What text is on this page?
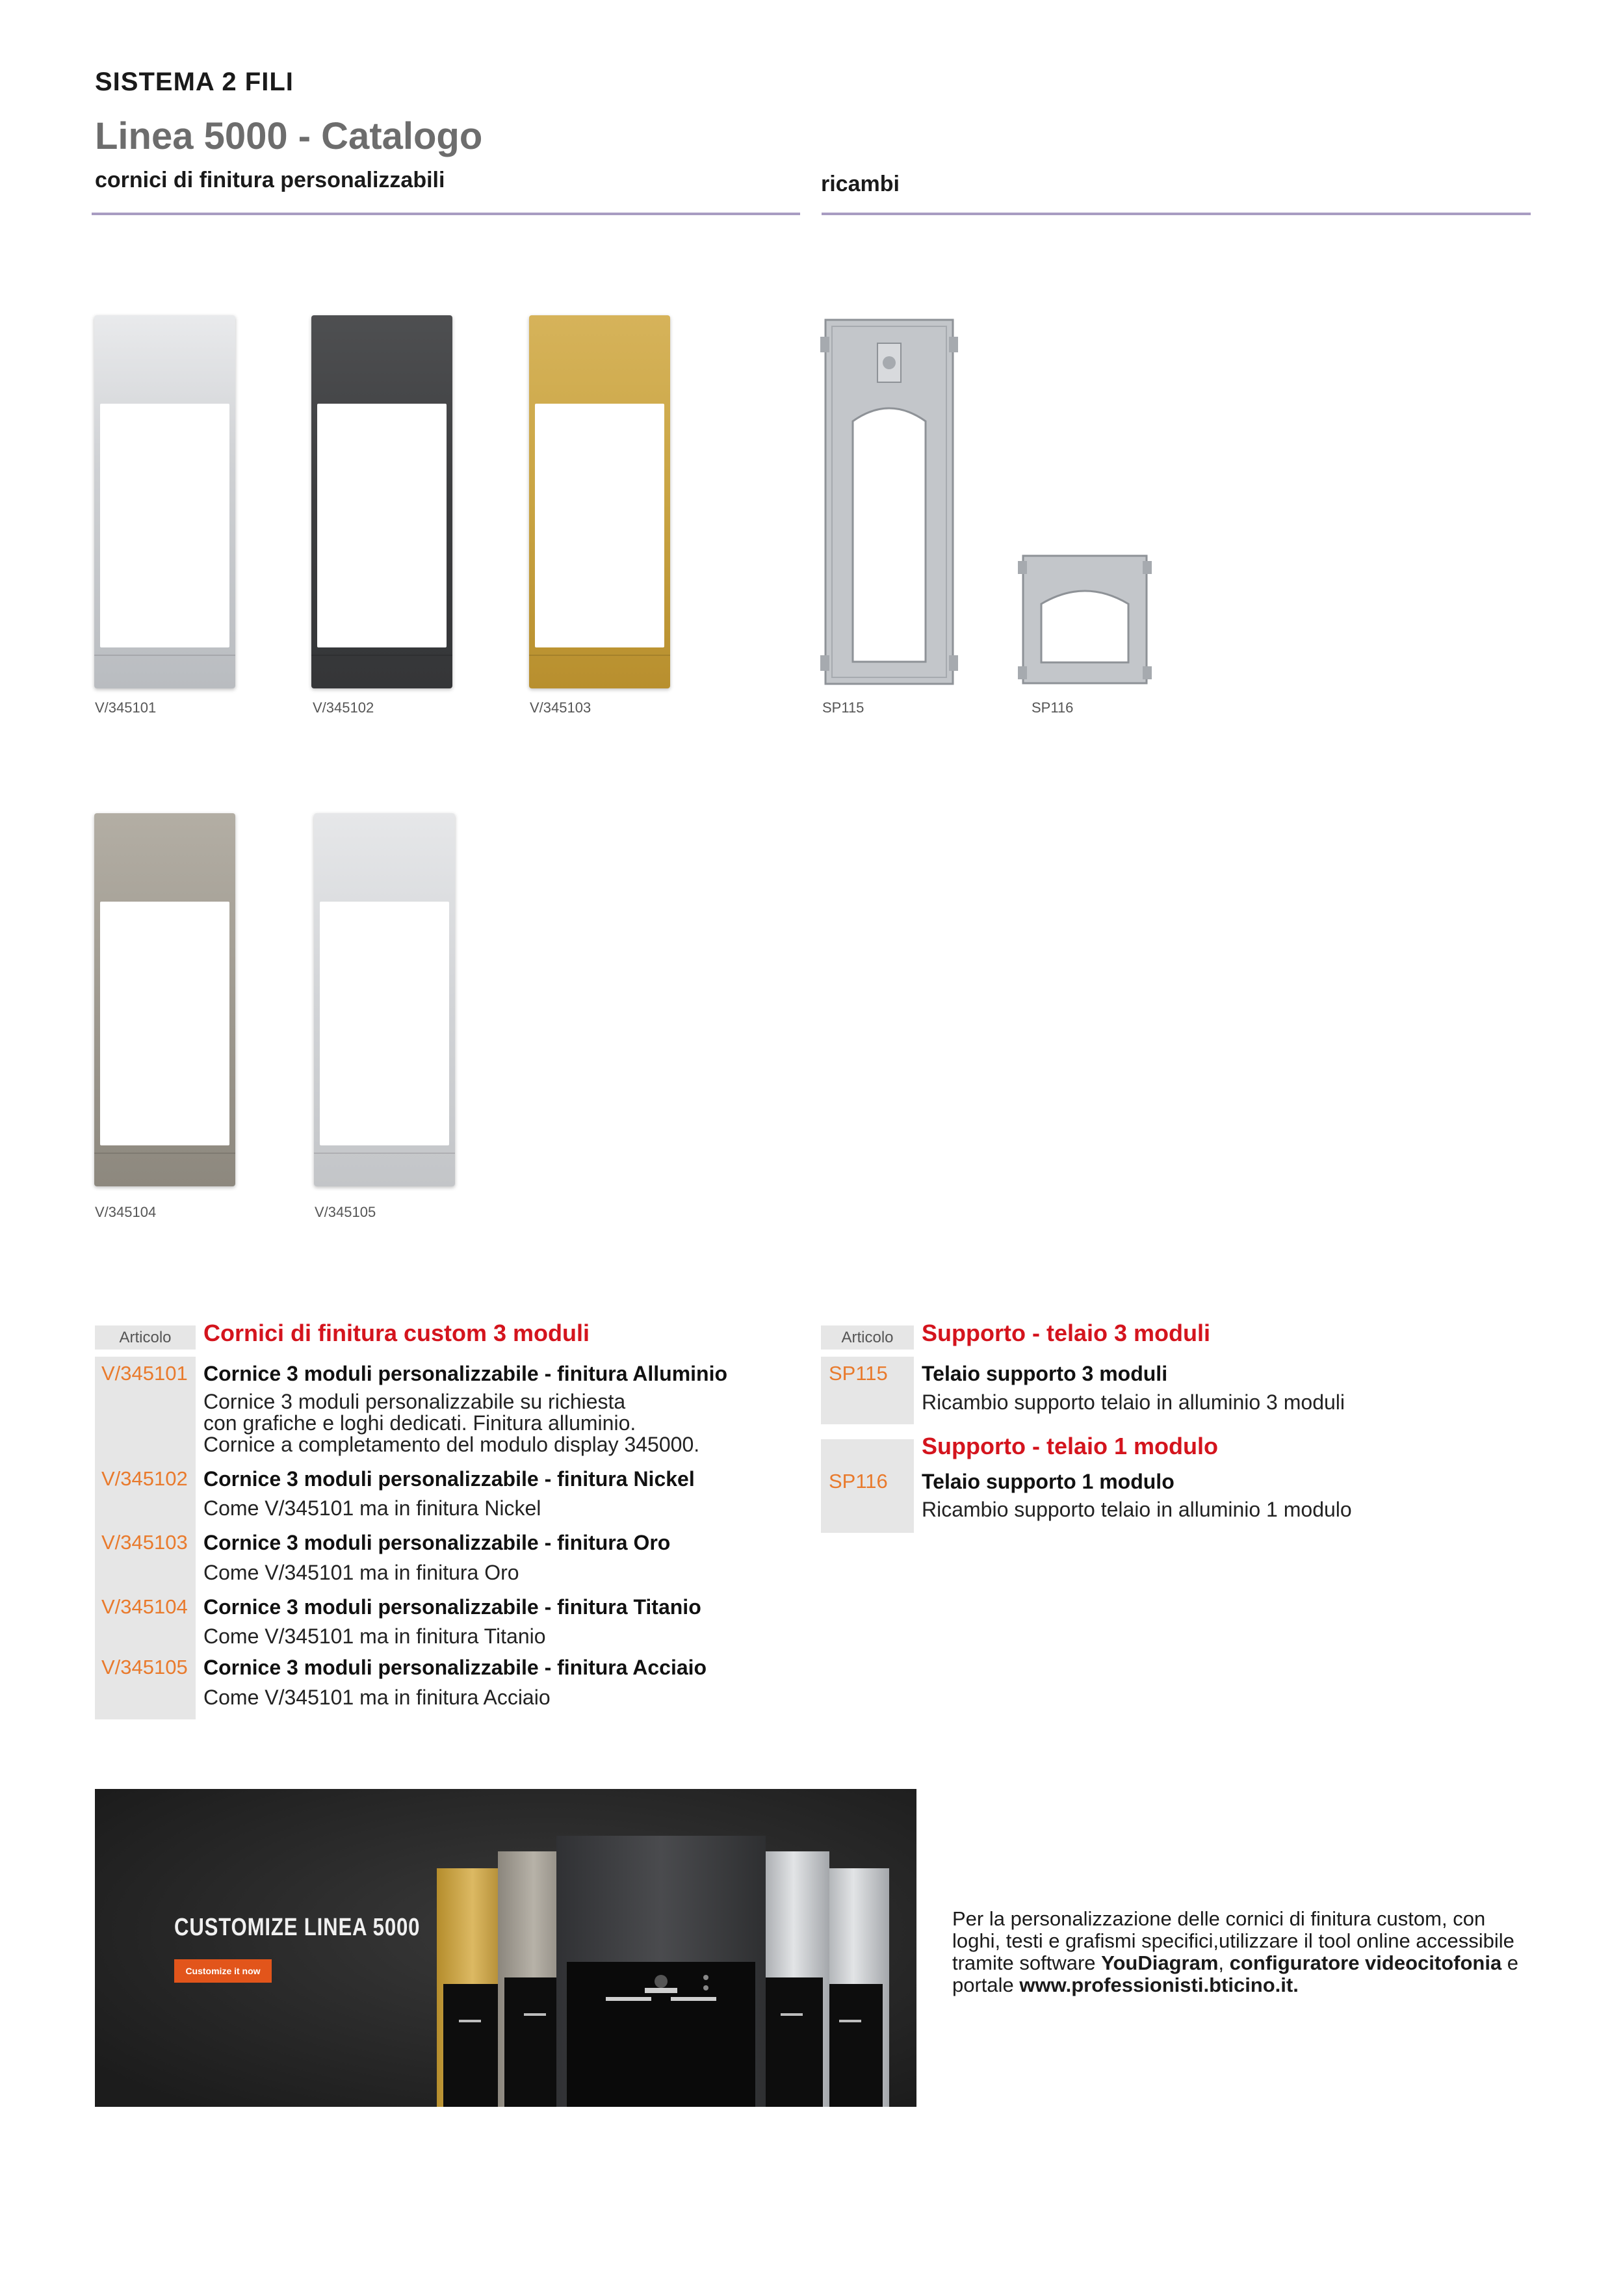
SISTEMA 2 FILI
Linea 5000 - Catalogo
cornici di finitura personalizzabili	ricambi
V/345101	V/345102	V/345103	SP115	SP116
V/345104	V/345105
Articolo	Cornici di finitura custom 3 moduli
V/345101 Cornice 3 moduli personalizzabile - finitura Alluminio
Cornice 3 moduli personalizzabile su richiesta
con grafiche e loghi dedicati. Finitura alluminio.
Cornice a completamento del modulo display 345000.
V/345102 Cornice 3 moduli personalizzabile - finitura Nickel
Come V/345101 ma in finitura Nickel
V/345103 Cornice 3 moduli personalizzabile - finitura Oro
Come V/345101 ma in finitura Oro
V/345104 Cornice 3 moduli personalizzabile - finitura Titanio
Come V/345101 ma in finitura Titanio
V/345105 Cornice 3 moduli personalizzabile - finitura Acciaio
Come V/345101 ma in finitura Acciaio
Articolo	Supporto - telaio 3 moduli
SP115 Telaio supporto 3 moduli
Ricambio supporto telaio in alluminio 3 moduli
Supporto - telaio 1 modulo
SP116 Telaio supporto 1 modulo
Ricambio supporto telaio in alluminio 1 modulo
CUSTOMIZE LINEA 5000
Customize it now
Per la personalizzazione delle cornici di finitura custom, con loghi, testi e grafismi specifici,utilizzare il tool online accessibile tramite software YouDiagram, configuratore videocitofonia e portale www.professionisti.bticino.it.
